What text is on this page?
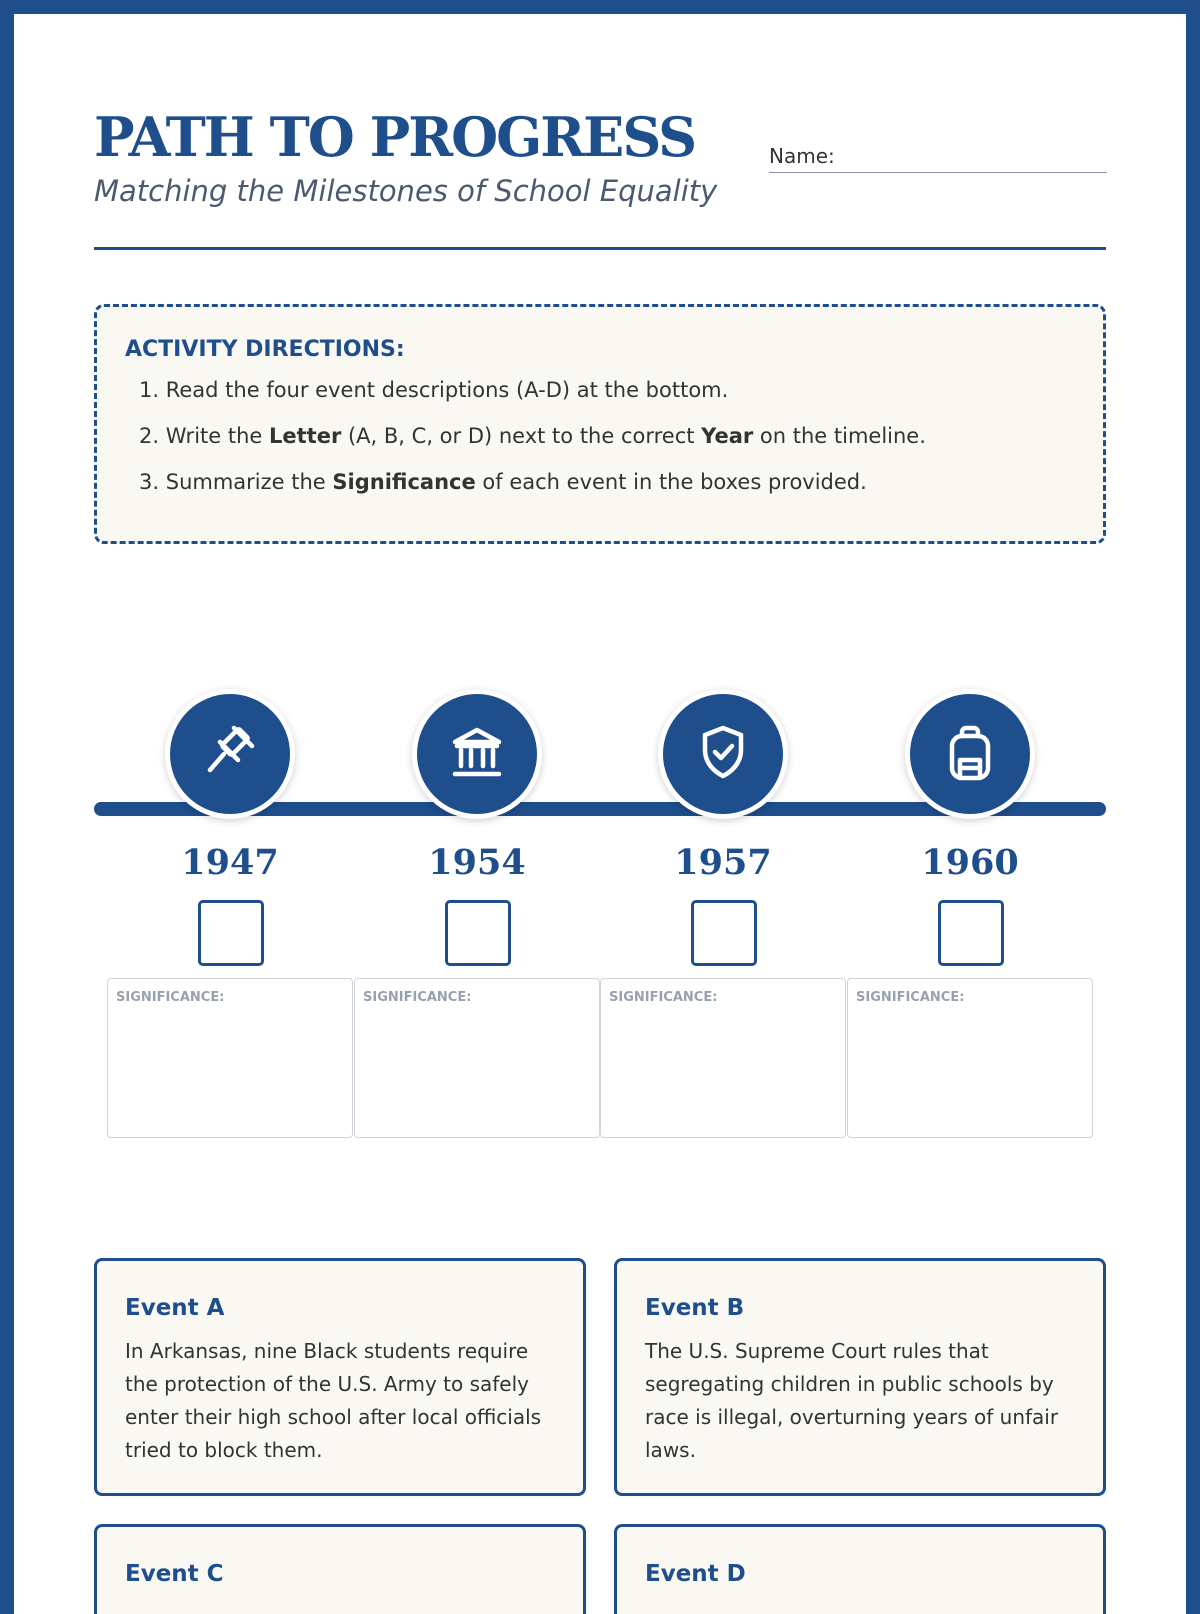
PATH TO PROGRESS
Matching the Milestones of School Equality
Name:
ACTIVITY DIRECTIONS:
1. Read the four event descriptions (A-D) at the bottom.
2. Write the Letter (A, B, C, or D) next to the correct Year on the timeline.
3. Summarize the Significance of each event in the boxes provided.
1947
SIGNIFICANCE:
1954
SIGNIFICANCE:
1957
SIGNIFICANCE:
1960
SIGNIFICANCE:
Event A
In Arkansas, nine Black students require the protection of the U.S. Army to safely enter their high school after local officials tried to block them.
Event B
The U.S. Supreme Court rules that segregating children in public schools by race is illegal, overturning years of unfair laws.
Event C	Event D
